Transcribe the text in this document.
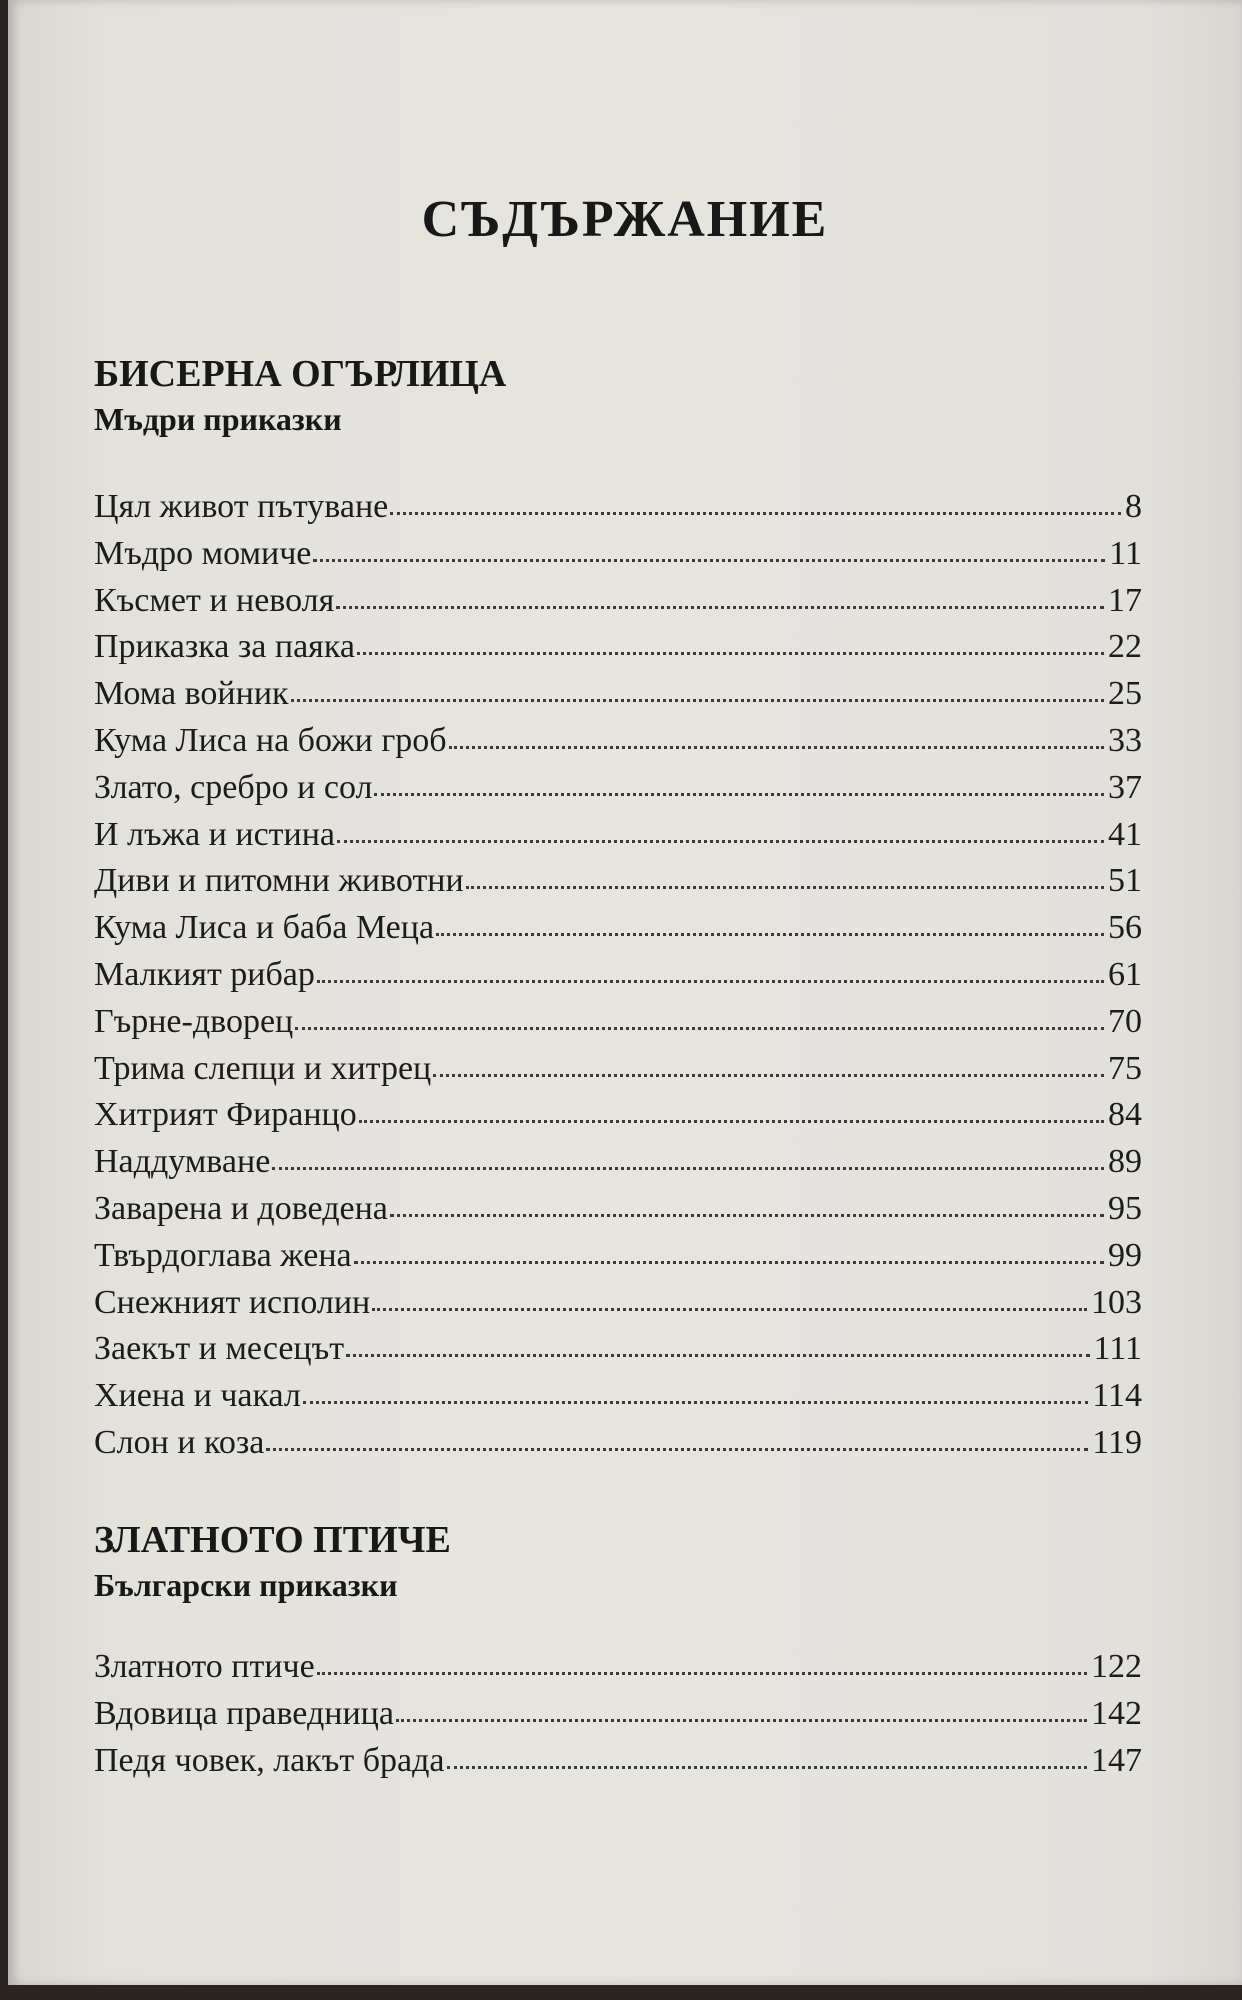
СЪДЪРЖАНИЕ
БИСЕРНА ОГЪРЛИЦА
Мъдри приказки
Цял живот пътуване	8
Мъдро момиче	11
Късмет и неволя	17
Приказка за паяка	22
Мома войник	25
Кума Лиса на божи гроб	33
Злато, сребро и сол	37
И лъжа и истина	41
Диви и питомни животни	51
Кума Лиса и баба Меца	56
Малкият рибар	61
Гърне-дворец	70
Трима слепци и хитрец	75
Хитрият Фиранцо	84
Наддумване	89
Заварена и доведена	95
Твърдоглава жена	99
Снежният исполин	103
Заекът и месецът	111
Хиена и чакал	114
Слон и коза	119
ЗЛАТНОТО ПТИЧЕ
Български приказки
Златното птиче	122
Вдовица праведница	142
Педя човек, лакът брада	147
